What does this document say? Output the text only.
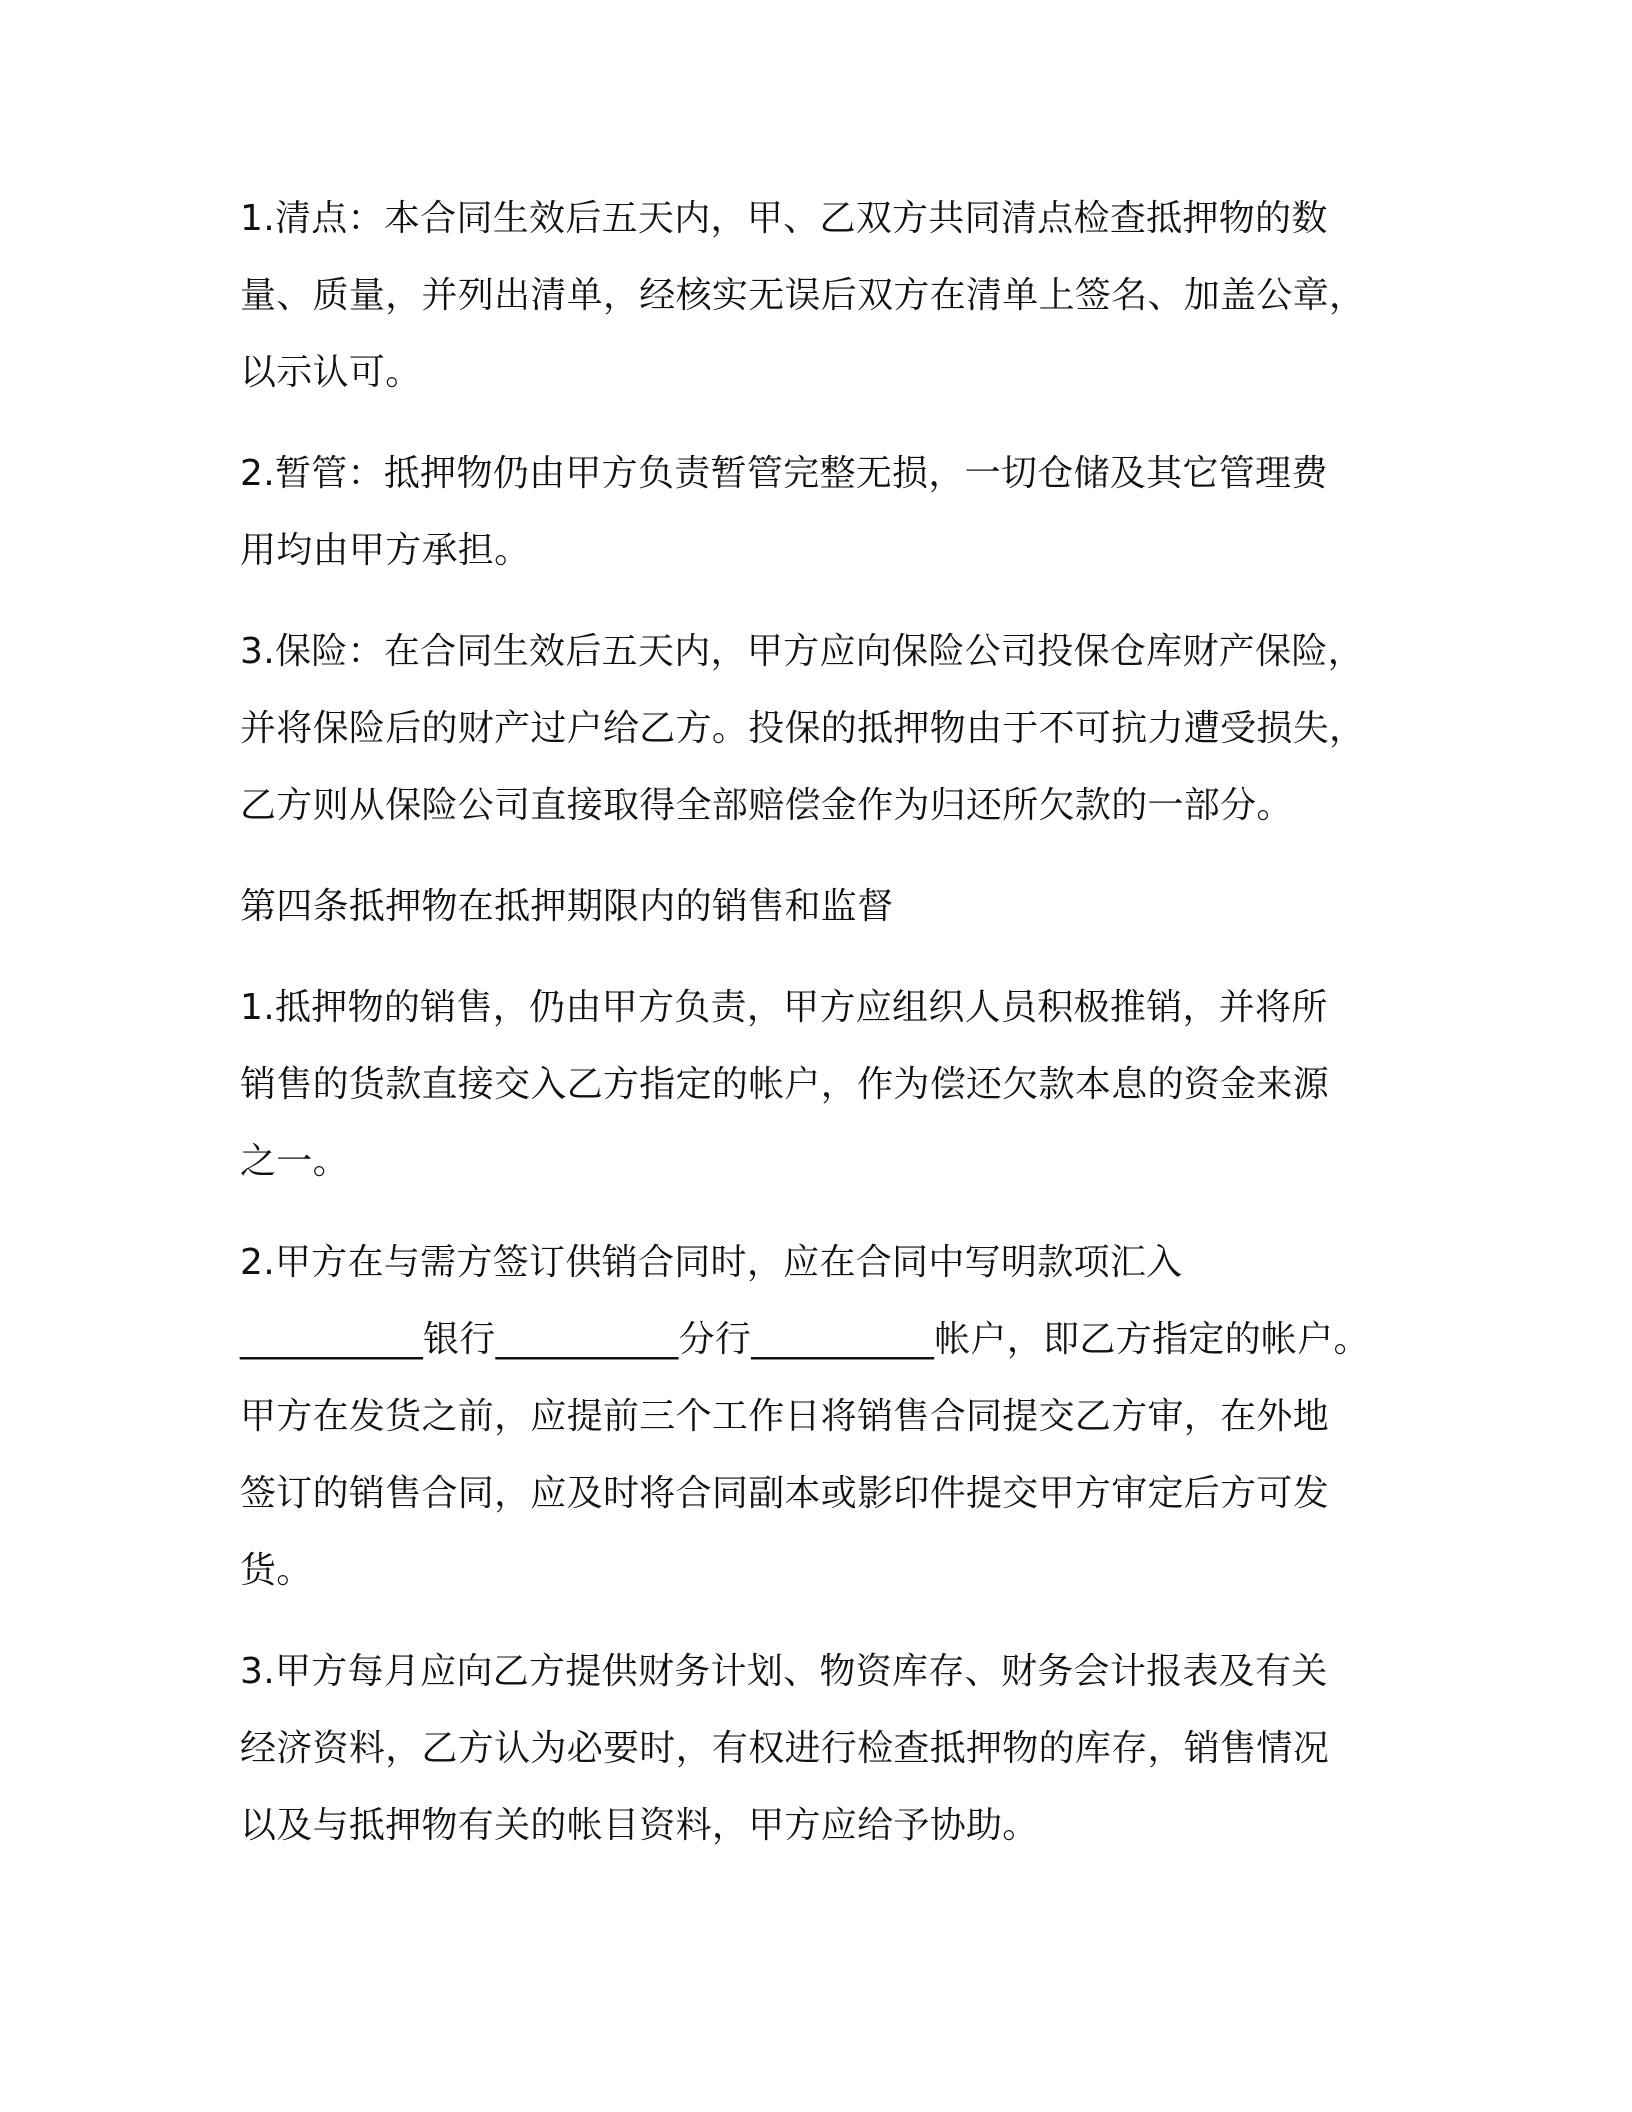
1.清点：本合同生效后五天内，甲、乙双方共同清点检查抵押物的数
量、质量，并列出清单，经核实无误后双方在清单上签名、加盖公章，
以示认可。
2.暂管：抵押物仍由甲方负责暂管完整无损，一切仓储及其它管理费
用均由甲方承担。
3.保险：在合同生效后五天内，甲方应向保险公司投保仓库财产保险，
并将保险后的财产过户给乙方。投保的抵押物由于不可抗力遭受损失，
乙方则从保险公司直接取得全部赔偿金作为归还所欠款的一部分。
第四条抵押物在抵押期限内的销售和监督
1.抵押物的销售，仍由甲方负责，甲方应组织人员积极推销，并将所
销售的货款直接交入乙方指定的帐户，作为偿还欠款本息的资金来源
之一。
2.甲方在与需方签订供销合同时，应在合同中写明款项汇入
__________银行__________分行__________帐户，即乙方指定的帐户。
甲方在发货之前，应提前三个工作日将销售合同提交乙方审，在外地
签订的销售合同，应及时将合同副本或影印件提交甲方审定后方可发
货。
3.甲方每月应向乙方提供财务计划、物资库存、财务会计报表及有关
经济资料，乙方认为必要时，有权进行检查抵押物的库存，销售情况
以及与抵押物有关的帐目资料，甲方应给予协助。
